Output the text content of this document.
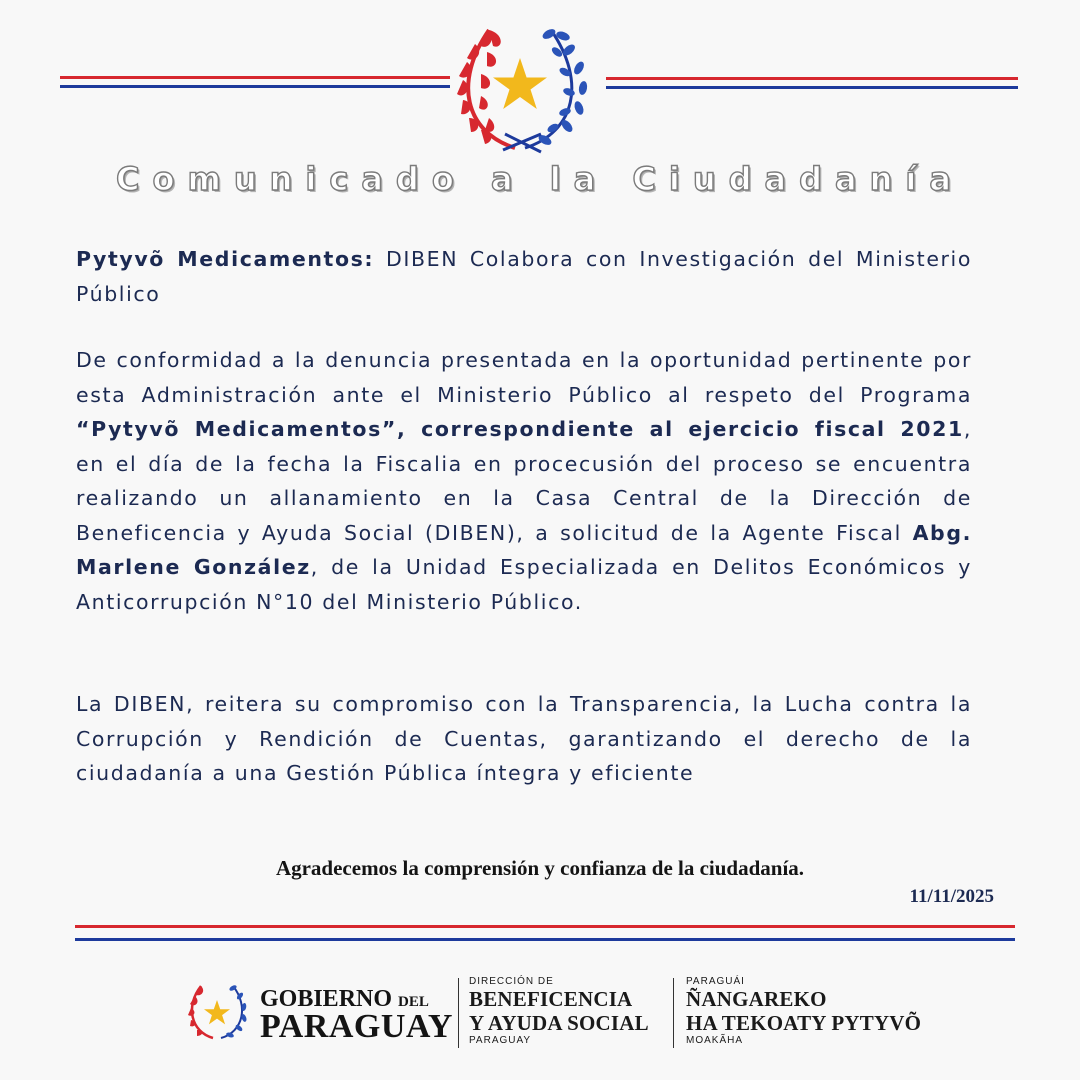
Comunicado a la Ciudadanía
Pytyvõ Medicamentos: DIBEN Colabora con Investigación del Ministerio Público
De conformidad a la denuncia presentada en la oportunidad pertinente por esta Administración ante el Ministerio Público al respeto del Programa “Pytyvõ Medicamentos”, correspondiente al ejercicio fiscal 2021, en el día de la fecha la Fiscalia en procecusión del proceso se encuentra realizando un allanamiento en la Casa Central de la Dirección de Beneficencia y Ayuda Social (DIBEN), a solicitud de la Agente Fiscal Abg. Marlene González, de la Unidad Especializada en Delitos Económicos y Anticorrupción N°10 del Ministerio Público.
La DIBEN, reitera su compromiso con la Transparencia, la Lucha contra la Corrupción y Rendición de Cuentas, garantizando el derecho de la ciudadanía a una Gestión Pública íntegra y eficiente
Agradecemos la comprensión y confianza de la ciudadanía.
11/11/2025
GOBIERNO DEL
PARAGUAY
DIRECCIÓN DE
BENEFICENCIA
Y AYUDA SOCIAL
PARAGUAY
PARAGUÁI
ÑANGAREKO
HA TEKOATY PYTYVÕ
MOAKÃHA
